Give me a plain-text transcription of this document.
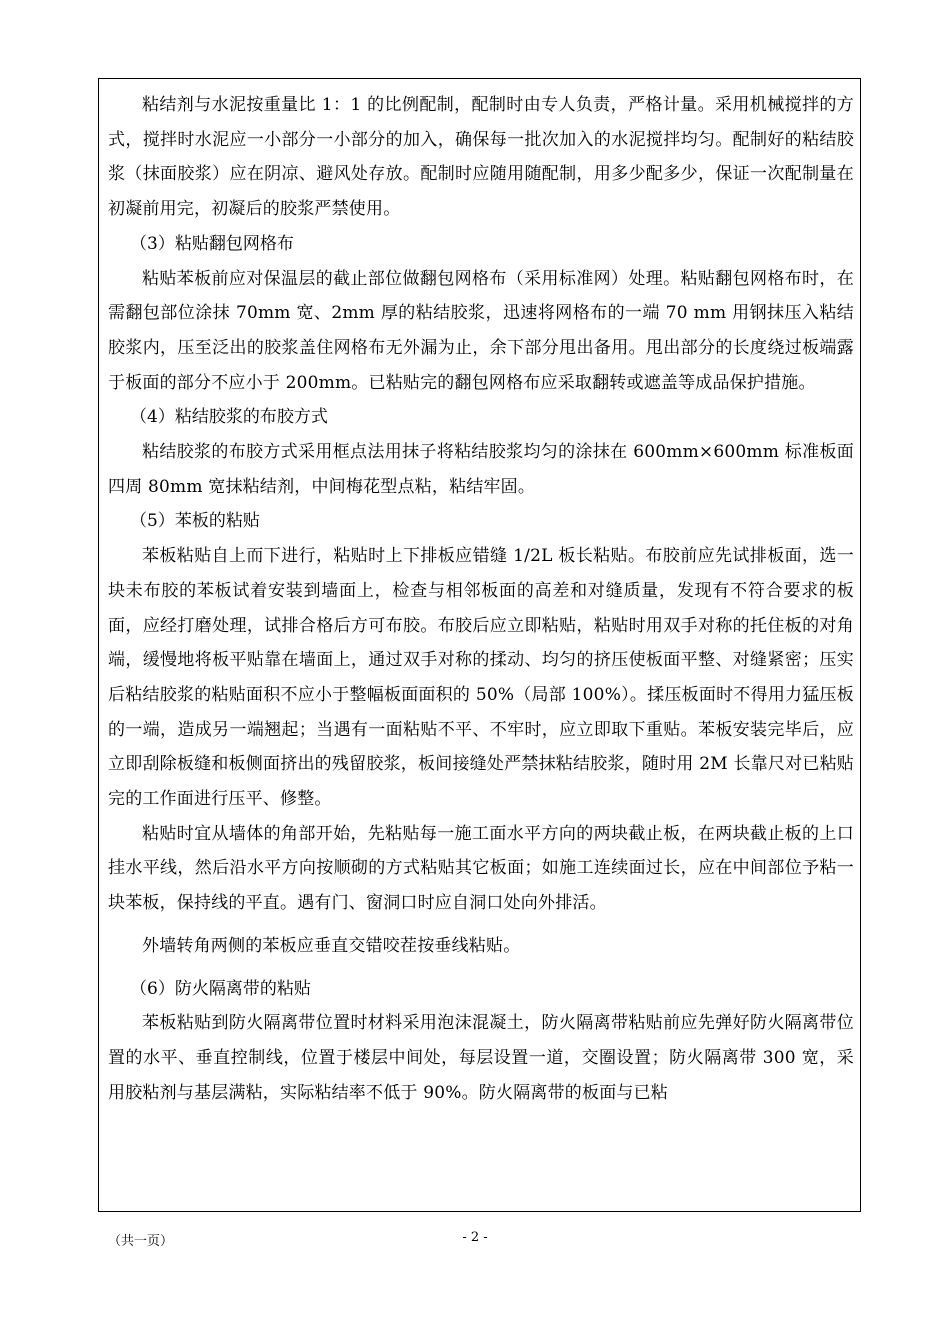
粘结剂与水泥按重量比 1：1 的比例配制，配制时由专人负责，严格计量。采用机械搅拌的方式，搅拌时水泥应一小部分一小部分的加入，确保每一批次加入的水泥搅拌均匀。配制好的粘结胶浆（抹面胶浆）应在阴凉、避风处存放。配制时应随用随配制，用多少配多少，保证一次配制量在初凝前用完，初凝后的胶浆严禁使用。

（3）粘贴翻包网格布

粘贴苯板前应对保温层的截止部位做翻包网格布（采用标准网）处理。粘贴翻包网格布时，在需翻包部位涂抹 70mm 宽、2mm 厚的粘结胶浆，迅速将网格布的一端 70 mm 用钢抹压入粘结胶浆内，压至泛出的胶浆盖住网格布无外漏为止，余下部分甩出备用。甩出部分的长度绕过板端露于板面的部分不应小于 200mm。已粘贴完的翻包网格布应采取翻转或遮盖等成品保护措施。

（4）粘结胶浆的布胶方式

粘结胶浆的布胶方式采用框点法用抹子将粘结胶浆均匀的涂抹在 600mm×600mm 标准板面四周 80mm 宽抹粘结剂，中间梅花型点粘，粘结牢固。

（5）苯板的粘贴

苯板粘贴自上而下进行，粘贴时上下排板应错缝 1/2L 板长粘贴。布胶前应先试排板面，选一块未布胶的苯板试着安装到墙面上，检查与相邻板面的高差和对缝质量，发现有不符合要求的板面，应经打磨处理，试排合格后方可布胶。布胶后应立即粘贴，粘贴时用双手对称的托住板的对角端，缓慢地将板平贴靠在墙面上，通过双手对称的揉动、均匀的挤压使板面平整、对缝紧密；压实后粘结胶浆的粘贴面积不应小于整幅板面面积的 50%（局部 100%）。揉压板面时不得用力猛压板的一端，造成另一端翘起；当遇有一面粘贴不平、不牢时，应立即取下重贴。苯板安装完毕后，应立即刮除板缝和板侧面挤出的残留胶浆，板间接缝处严禁抹粘结胶浆，随时用 2M 长靠尺对已粘贴完的工作面进行压平、修整。

粘贴时宜从墙体的角部开始，先粘贴每一施工面水平方向的两块截止板，在两块截止板的上口挂水平线，然后沿水平方向按顺砌的方式粘贴其它板面；如施工连续面过长，应在中间部位予粘一块苯板，保持线的平直。遇有门、窗洞口时应自洞口处向外排活。

外墙转角两侧的苯板应垂直交错咬茬按垂线粘贴。

（6）防火隔离带的粘贴

苯板粘贴到防火隔离带位置时材料采用泡沫混凝土，防火隔离带粘贴前应先弹好防火隔离带位置的水平、垂直控制线，位置于楼层中间处，每层设置一道，交圈设置；防火隔离带 300 宽，采用胶粘剂与基层满粘，实际粘结率不低于 90%。防火隔离带的板面与已粘

（共一页）	- 2 -
